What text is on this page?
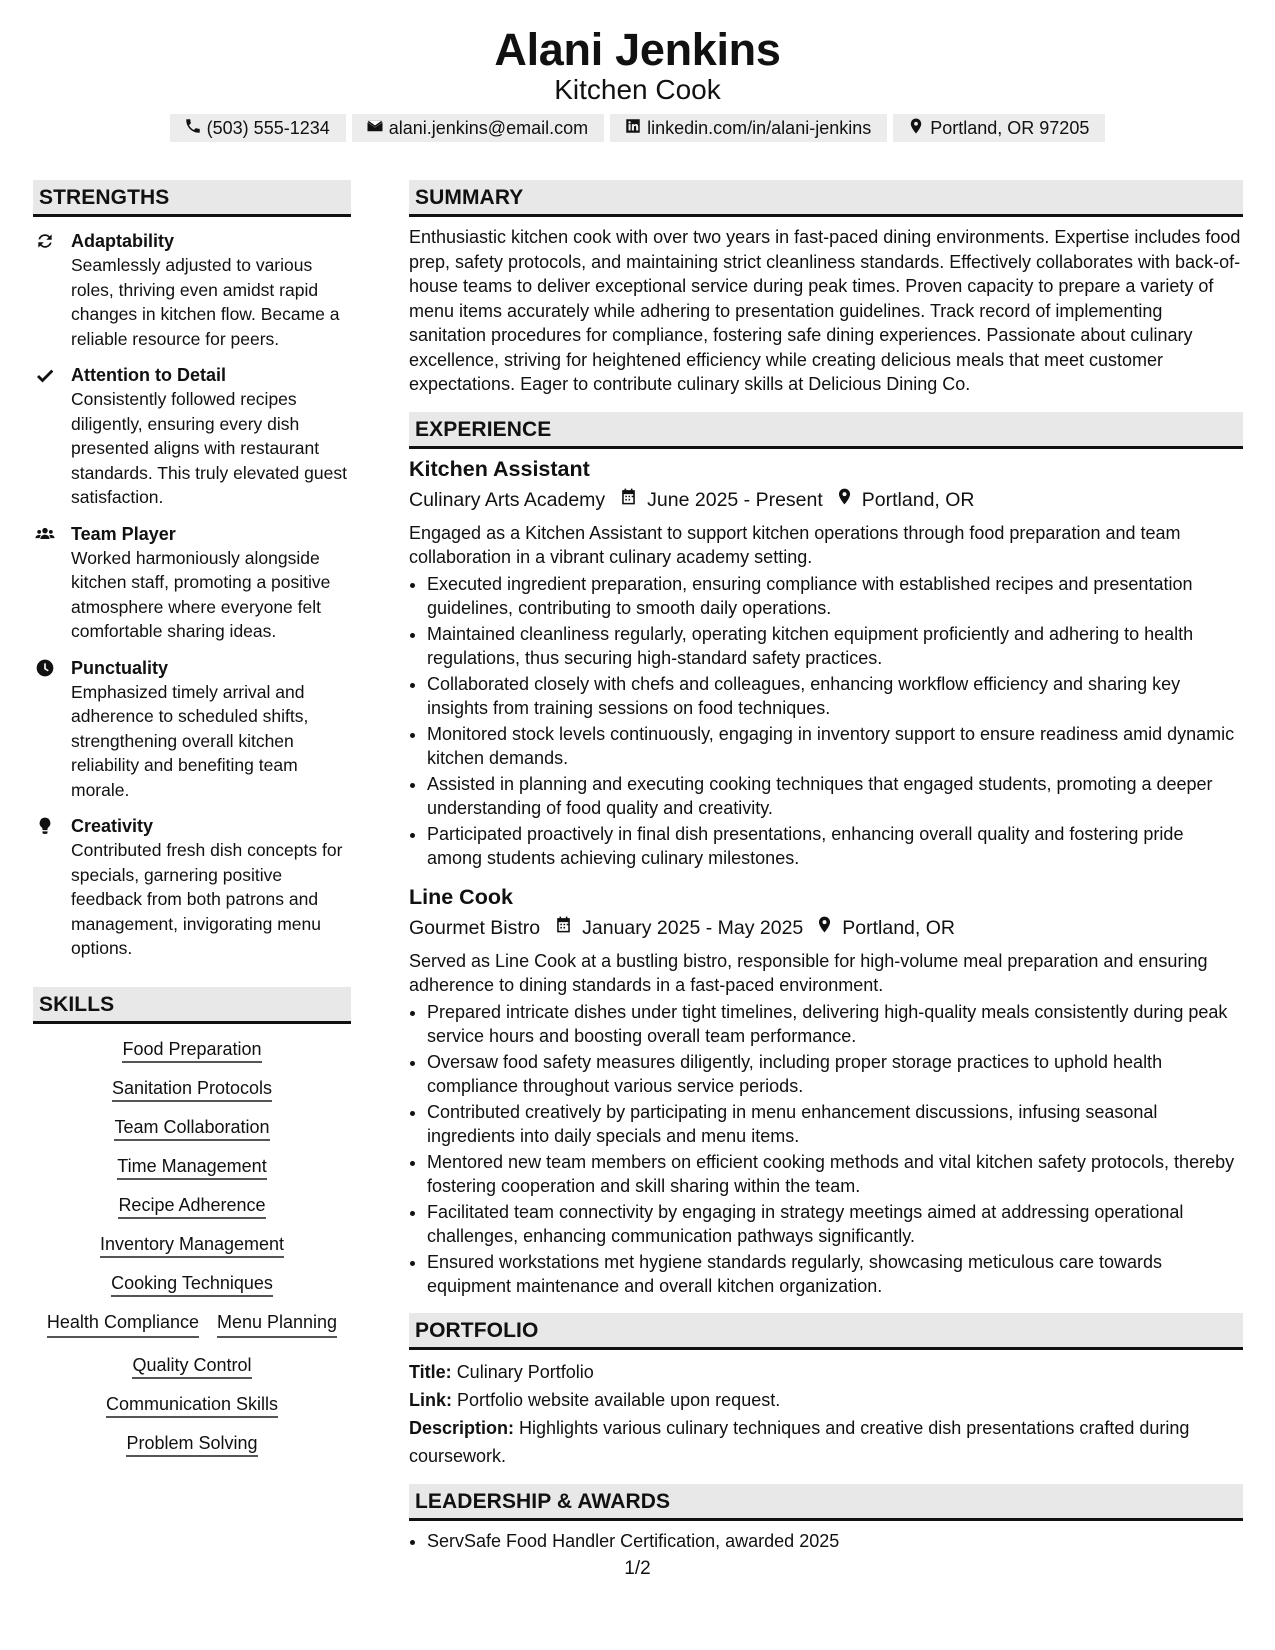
Alani Jenkins
Kitchen Cook
(503) 555-1234	alani.jenkins@email.com	linkedin.com/in/alani-jenkins	Portland, OR 97205
STRENGTHS
Adaptability
Seamlessly adjusted to various roles, thriving even amidst rapid changes in kitchen flow. Became a reliable resource for peers.
Attention to Detail
Consistently followed recipes diligently, ensuring every dish presented aligns with restaurant standards. This truly elevated guest satisfaction.
Team Player
Worked harmoniously alongside kitchen staff, promoting a positive atmosphere where everyone felt comfortable sharing ideas.
Punctuality
Emphasized timely arrival and adherence to scheduled shifts, strengthening overall kitchen reliability and benefiting team morale.
Creativity
Contributed fresh dish concepts for specials, garnering positive feedback from both patrons and management, invigorating menu options.
SKILLS
Food Preparation
Sanitation Protocols
Team Collaboration
Time Management
Recipe Adherence
Inventory Management
Cooking Techniques
Health Compliance Menu Planning
Quality Control
Communication Skills
Problem Solving
SUMMARY
Enthusiastic kitchen cook with over two years in fast-paced dining environments. Expertise includes food prep, safety protocols, and maintaining strict cleanliness standards. Effectively collaborates with back-of-house teams to deliver exceptional service during peak times. Proven capacity to prepare a variety of menu items accurately while adhering to presentation guidelines. Track record of implementing sanitation procedures for compliance, fostering safe dining experiences. Passionate about culinary excellence, striving for heightened efficiency while creating delicious meals that meet customer expectations. Eager to contribute culinary skills at Delicious Dining Co.
EXPERIENCE
Kitchen Assistant
Culinary Arts Academy June 2025 - Present Portland, OR
Engaged as a Kitchen Assistant to support kitchen operations through food preparation and team collaboration in a vibrant culinary academy setting.
• Executed ingredient preparation, ensuring compliance with established recipes and presentation guidelines, contributing to smooth daily operations.
• Maintained cleanliness regularly, operating kitchen equipment proficiently and adhering to health regulations, thus securing high-standard safety practices.
• Collaborated closely with chefs and colleagues, enhancing workflow efficiency and sharing key insights from training sessions on food techniques.
• Monitored stock levels continuously, engaging in inventory support to ensure readiness amid dynamic kitchen demands.
• Assisted in planning and executing cooking techniques that engaged students, promoting a deeper understanding of food quality and creativity.
• Participated proactively in final dish presentations, enhancing overall quality and fostering pride among students achieving culinary milestones.
Line Cook
Gourmet Bistro January 2025 - May 2025 Portland, OR
Served as Line Cook at a bustling bistro, responsible for high-volume meal preparation and ensuring adherence to dining standards in a fast-paced environment.
• Prepared intricate dishes under tight timelines, delivering high-quality meals consistently during peak service hours and boosting overall team performance.
• Oversaw food safety measures diligently, including proper storage practices to uphold health compliance throughout various service periods.
• Contributed creatively by participating in menu enhancement discussions, infusing seasonal ingredients into daily specials and menu items.
• Mentored new team members on efficient cooking methods and vital kitchen safety protocols, thereby fostering cooperation and skill sharing within the team.
• Facilitated team connectivity by engaging in strategy meetings aimed at addressing operational challenges, enhancing communication pathways significantly.
• Ensured workstations met hygiene standards regularly, showcasing meticulous care towards equipment maintenance and overall kitchen organization.
PORTFOLIO
Title: Culinary Portfolio
Link: Portfolio website available upon request.
Description: Highlights various culinary techniques and creative dish presentations crafted during coursework.
LEADERSHIP & AWARDS
• ServSafe Food Handler Certification, awarded 2025
1/2
